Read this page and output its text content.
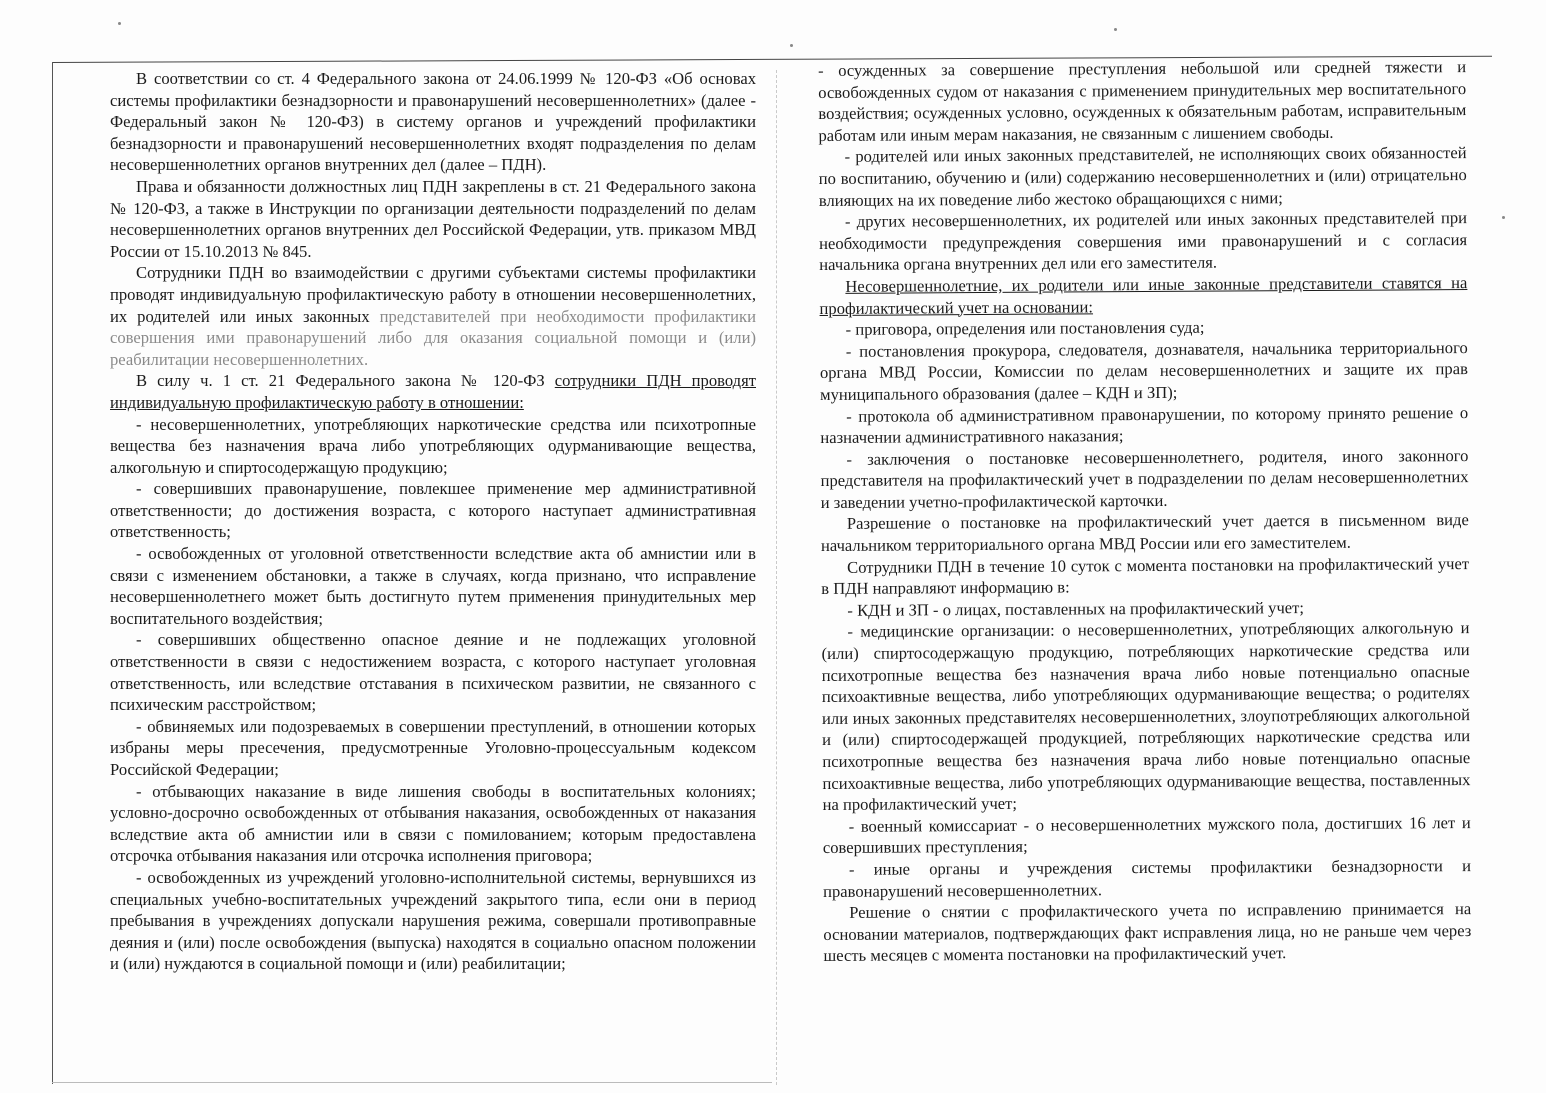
В соответствии со ст. 4 Федерального закона от 24.06.1999 № 120-ФЗ «Об основах системы профилактики безнадзорности и правонарушений несовершеннолетних» (далее - Федеральный закон № 120-ФЗ) в систему органов и учреждений профилактики безнадзорности и правонарушений несовершеннолетних входят подразделения по делам несовершеннолетних органов внутренних дел (далее – ПДН).

Права и обязанности должностных лиц ПДН закреплены в ст. 21 Федерального закона № 120-ФЗ, а также в Инструкции по организации деятельности подразделений по делам несовершеннолетних органов внутренних дел Российской Федерации, утв. приказом МВД России от 15.10.2013 № 845.

Сотрудники ПДН во взаимодействии с другими субъектами системы профилактики проводят индивидуальную профилактическую работу в отношении несовершеннолетних, их родителей или иных законных представителей при необходимости профилактики совершения ими правонарушений либо для оказания социальной помощи и (или) реабилитации несовершеннолетних.

В силу ч. 1 ст. 21 Федерального закона № 120-ФЗ сотрудники ПДН проводят индивидуальную профилактическую работу в отношении:

- несовершеннолетних, употребляющих наркотические средства или психотропные вещества без назначения врача либо употребляющих одурманивающие вещества, алкогольную и спиртосодержащую продукцию;

- совершивших правонарушение, повлекшее применение мер административной ответственности; до достижения возраста, с которого наступает административная ответственность;

- освобожденных от уголовной ответственности вследствие акта об амнистии или в связи с изменением обстановки, а также в случаях, когда признано, что исправление несовершеннолетнего может быть достигнуто путем применения принудительных мер воспитательного воздействия;

- совершивших общественно опасное деяние и не подлежащих уголовной ответственности в связи с недостижением возраста, с которого наступает уголовная ответственность, или вследствие отставания в психическом развитии, не связанного с психическим расстройством;

- обвиняемых или подозреваемых в совершении преступлений, в отношении которых избраны меры пресечения, предусмотренные Уголовно-процессуальным кодексом Российской Федерации;

- отбывающих наказание в виде лишения свободы в воспитательных колониях; условно-досрочно освобожденных от отбывания наказания, освобожденных от наказания вследствие акта об амнистии или в связи с помилованием; которым предоставлена отсрочка отбывания наказания или отсрочка исполнения приговора;

- освобожденных из учреждений уголовно-исполнительной системы, вернувшихся из специальных учебно-воспитательных учреждений закрытого типа, если они в период пребывания в учреждениях допускали нарушения режима, совершали противоправные деяния и (или) после освобождения (выпуска) находятся в социально опасном положении и (или) нуждаются в социальной помощи и (или) реабилитации;

- осужденных за совершение преступления небольшой или средней тяжести и освобожденных судом от наказания с применением принудительных мер воспитательного воздействия; осужденных условно, осужденных к обязательным работам, исправительным работам или иным мерам наказания, не связанным с лишением свободы.

- родителей или иных законных представителей, не исполняющих своих обязанностей по воспитанию, обучению и (или) содержанию несовершеннолетних и (или) отрицательно влияющих на их поведение либо жестоко обращающихся с ними;

- других несовершеннолетних, их родителей или иных законных представителей при необходимости предупреждения совершения ими правонарушений и с согласия начальника органа внутренних дел или его заместителя.

Несовершеннолетние, их родители или иные законные представители ставятся на профилактический учет на основании:

- приговора, определения или постановления суда;

- постановления прокурора, следователя, дознавателя, начальника территориального органа МВД России, Комиссии по делам несовершеннолетних и защите их прав муниципального образования (далее – КДН и ЗП);

- протокола об административном правонарушении, по которому принято решение о назначении административного наказания;

- заключения о постановке несовершеннолетнего, родителя, иного законного представителя на профилактический учет в подразделении по делам несовершеннолетних и заведении учетно-профилактической карточки.

Разрешение о постановке на профилактический учет дается в письменном виде начальником территориального органа МВД России или его заместителем.

Сотрудники ПДН в течение 10 суток с момента постановки на профилактический учет в ПДН направляют информацию в:

- КДН и ЗП - о лицах, поставленных на профилактический учет;

- медицинские организации: о несовершеннолетних, употребляющих алкогольную и (или) спиртосодержащую продукцию, потребляющих наркотические средства или психотропные вещества без назначения врача либо новые потенциально опасные психоактивные вещества, либо употребляющих одурманивающие вещества; о родителях или иных законных представителях несовершеннолетних, злоупотребляющих алкогольной и (или) спиртосодержащей продукцией, потребляющих наркотические средства или психотропные вещества без назначения врача либо новые потенциально опасные психоактивные вещества, либо употребляющих одурманивающие вещества, поставленных на профилактический учет;

- военный комиссариат - о несовершеннолетних мужского пола, достигших 16 лет и совершивших преступления;

- иные органы и учреждения системы профилактики безнадзорности и правонарушений несовершеннолетних.

Решение о снятии с профилактического учета по исправлению принимается на основании материалов, подтверждающих факт исправления лица, но не раньше чем через шесть месяцев с момента постановки на профилактический учет.
